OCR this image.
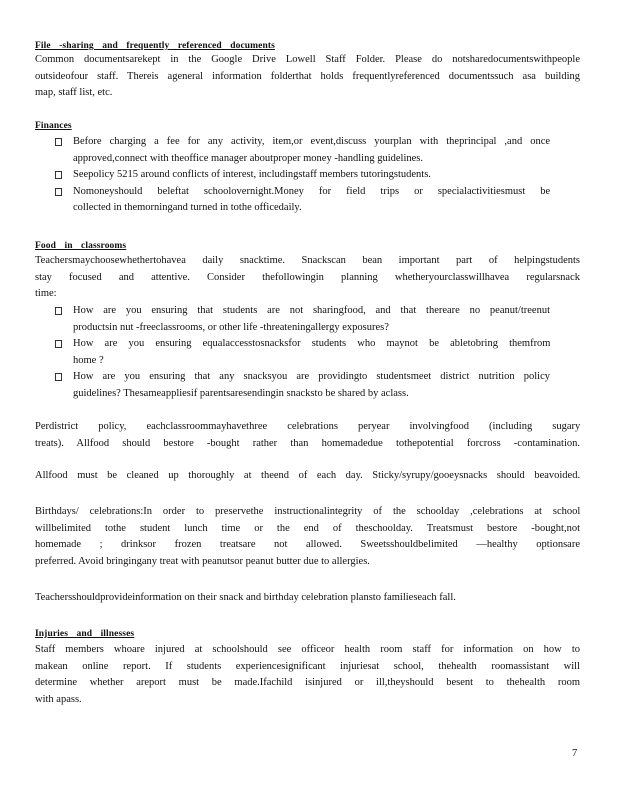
File -sharing and frequently referenced documents
Common documentsarekept in the Google Drive Lowell Staff Folder. Please do notsharedocumentswithpeople
outsideofour staff. Thereis ageneral information folderthat holds frequentlyreferenced documentssuch asa building
map, staff list, etc.
Finances
Before charging a fee for any activity, item,or event,discuss yourplan with theprincipal ,and once
approved,connect with theoffice manager aboutproper money -handling guidelines.
Seepolicy 5215 around conflicts of interest, includingstaff members tutoringstudents.
Nomoneyshould beleftat schoolovernight.Money for field trips or specialactivitiesmust be
collected in themorningand turned in tothe officedaily.
Food in classrooms
Teachersmaychoosewhethertohavea daily snacktime. Snackscan bean important part of helpingstudents
stay focused and attentive. Consider thefollowingin planning whetheryourclasswillhavea regularsnack
time:
How are you ensuring that students are not sharingfood, and that thereare no peanut/treenut
productsin nut -freeclassrooms, or other life -threateningallergy exposures?
How are you ensuring equalaccesstosnacksfor students who maynot be abletobring themfrom
home ?
How are you ensuring that any snacksyou are providingto studentsmeet district nutrition policy
guidelines? Thesameappliesif parentsaresendingin snacksto be shared by aclass.
Perdistrict policy, eachclassroommayhavethree celebrations peryear involvingfood (including sugary
treats). Allfood should bestore -bought rather than homemadedue tothepotential forcross -contamination.
Allfood must be cleaned up thoroughly at theend of each day. Sticky/syrupy/gooeysnacks should beavoided.
Birthdays/ celebrations:In order to preservethe instructionalintegrity of the schoolday ,celebrations at school
willbelimited tothe student lunch time or the end of theschoolday. Treatsmust bestore -bought,not
homemade ; drinksor frozen treatsare not allowed. Sweetsshouldbelimited —healthy optionsare
preferred. Avoid bringingany treat with peanutsor peanut butter due to allergies.
Teachersshouldprovideinformation on their snack and birthday celebration plansto familieseach fall.
Injuries and illnesses
Staff members whoare injured at schoolshould see officeor health room staff for information on how to
makean online report. If students experiencesignificant injuriesat school, thehealth roomassistant will
determine whether areport must be made.Ifachild isinjured or ill,theyshould besent to thehealth room
with apass.
7
